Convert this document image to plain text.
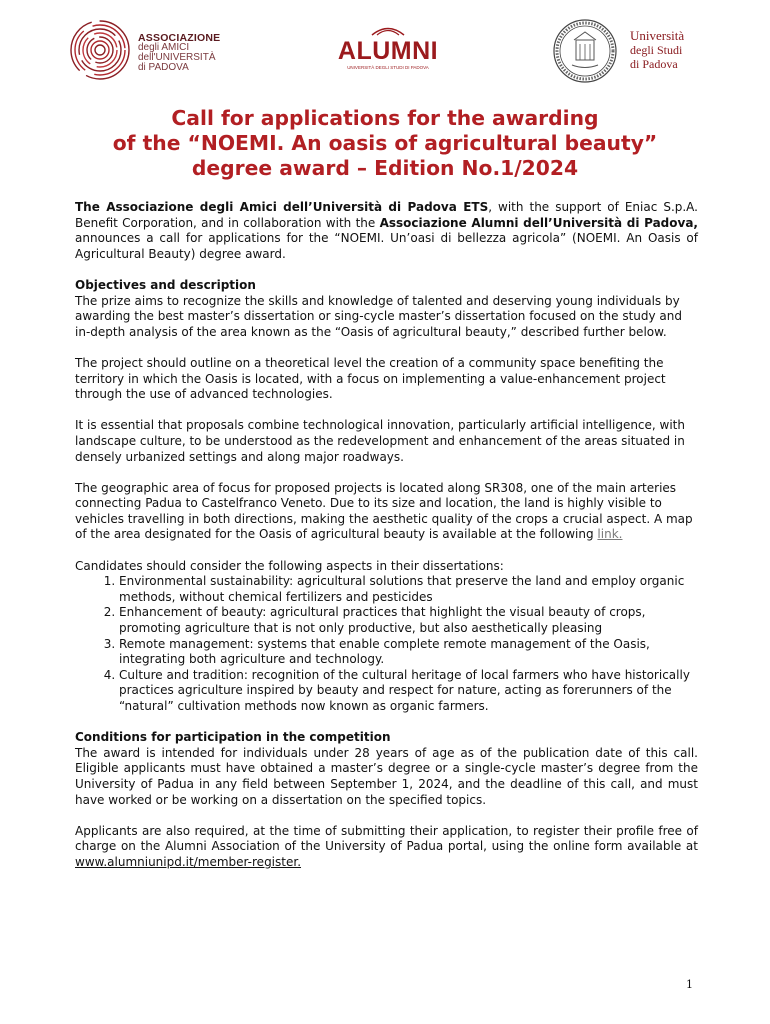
ASSOCIAZIONE
degli AMICI
dell'UNIVERSITÀ
di PADOVA
ALUMNI
UNIVERSITÀ DEGLI STUDI DI PADOVA
Università
degli Studi
di Padova
Call for applications for the awarding
of the “NOEMI. An oasis of agricultural beauty”
degree award – Edition No.1/2024

The Associazione degli Amici dell’Università di Padova ETS, with the support of Eniac S.p.A. Benefit Corporation, and in collaboration with the Associazione Alumni dell’Università di Padova, announces a call for applications for the “NOEMI. Un’oasi di bellezza agricola” (NOEMI. An Oasis of Agricultural Beauty) degree award.

Objectives and description

The prize aims to recognize the skills and knowledge of talented and deserving young individuals by awarding the best master’s dissertation or sing-cycle master’s dissertation focused on the study and in-depth analysis of the area known as the “Oasis of agricultural beauty,” described further below.

The project should outline on a theoretical level the creation of a community space benefiting the territory in which the Oasis is located, with a focus on implementing a value-enhancement project through the use of advanced technologies.

It is essential that proposals combine technological innovation, particularly artificial intelligence, with landscape culture, to be understood as the redevelopment and enhancement of the areas situated in densely urbanized settings and along major roadways.

The geographic area of focus for proposed projects is located along SR308, one of the main arteries connecting Padua to Castelfranco Veneto. Due to its size and location, the land is highly visible to vehicles travelling in both directions, making the aesthetic quality of the crops a crucial aspect. A map of the area designated for the Oasis of agricultural beauty is available at the following link.

Candidates should consider the following aspects in their dissertations:

1. Environmental sustainability: agricultural solutions that preserve the land and employ organic methods, without chemical fertilizers and pesticides
2. Enhancement of beauty: agricultural practices that highlight the visual beauty of crops, promoting agriculture that is not only productive, but also aesthetically pleasing
3. Remote management: systems that enable complete remote management of the Oasis, integrating both agriculture and technology.
4. Culture and tradition: recognition of the cultural heritage of local farmers who have historically practices agriculture inspired by beauty and respect for nature, acting as forerunners of the “natural” cultivation methods now known as organic farmers.

Conditions for participation in the competition

The award is intended for individuals under 28 years of age as of the publication date of this call. Eligible applicants must have obtained a master’s degree or a single-cycle master’s degree from the University of Padua in any field between September 1, 2024, and the deadline of this call, and must have worked or be working on a dissertation on the specified topics.

Applicants are also required, at the time of submitting their application, to register their profile free of charge on the Alumni Association of the University of Padua portal, using the online form available at www.alumniunipd.it/member-register.

1
